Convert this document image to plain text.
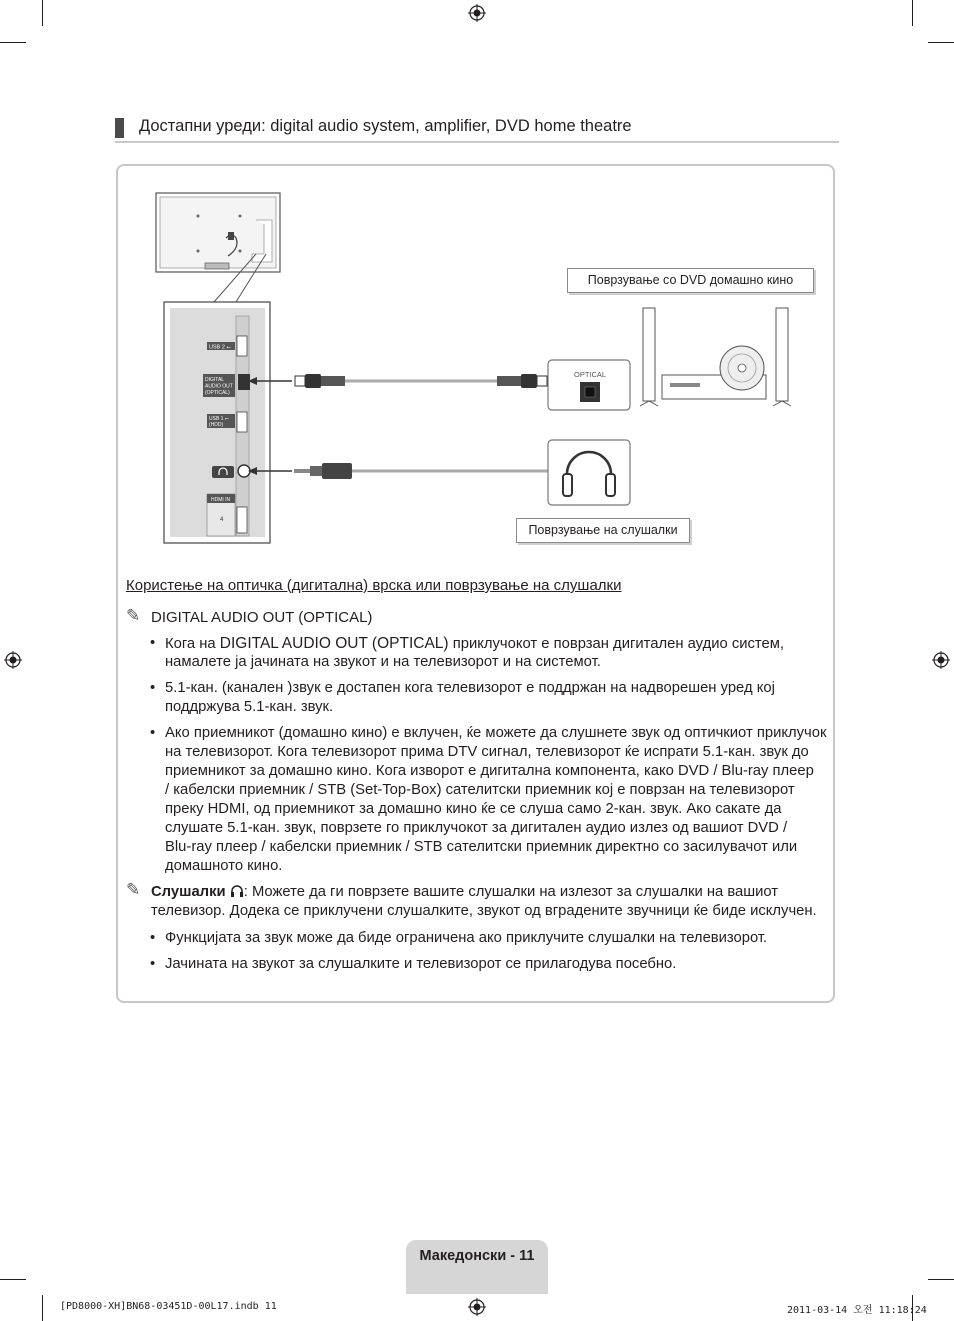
Достапни уреди: digital audio system, amplifier, DVD home theatre
USB 2 ⭠
DIGITAL AUDIO OUT (OPTICAL)
USB 1 ⭠ (HDD)
HDMI IN
4
OPTICAL
Поврзување со DVD домашно кино
Поврзување на слушалки
Користење на оптичка (дигитална) врска или поврзување на слушалки
✎ DIGITAL AUDIO OUT (OPTICAL)
• Кога на DIGITAL AUDIO OUT (OPTICAL) приклучокот е поврзан дигитален аудио систем,
намалете ја јачината на звукот и на телевизорот и на системот.
• 5.1-кан. (канален )звук е достапен кога телевизорот е поддржан на надворешен уред кој
поддржува 5.1-кан. звук.
• Ако приемникот (домашно кино) е вклучен, ќе можете да слушнете звук од оптичкиот приклучок
на телевизорот. Кога телевизорот прима DTV сигнал, телевизорот ќе испрати 5.1-кан. звук до
приемникот за домашно кино. Кога изворот е дигитална компонента, како DVD / Blu-ray плеер
/ кабелски приемник / STB (Set-Top-Box) сателитски приемник кој е поврзан на телевизорот
преку HDMI, од приемникот за домашно кино ќе се слуша само 2-кан. звук. Ако сакате да
слушате 5.1-кан. звук, поврзете го приклучокот за дигитален аудио излез од вашиот DVD /
Blu-ray плеер / кабелски приемник / STB сателитски приемник директно со засилувачот или
домашното кино.
✎ Слушалки : Можете да ги поврзете вашите слушалки на излезот за слушалки на вашиот
телевизор. Додека се приклучени слушалките, звукот од вградените звучници ќе биде исклучен.
• Функцијата за звук може да биде ограничена ако приклучите слушалки на телевизорот.
• Јачината на звукот за слушалките и телевизорот се прилагодува посебно.
Македонски - 11
[PD8000-XH]BN68-03451D-00L17.indb 11	2011-03-14 오전 11:18:24
